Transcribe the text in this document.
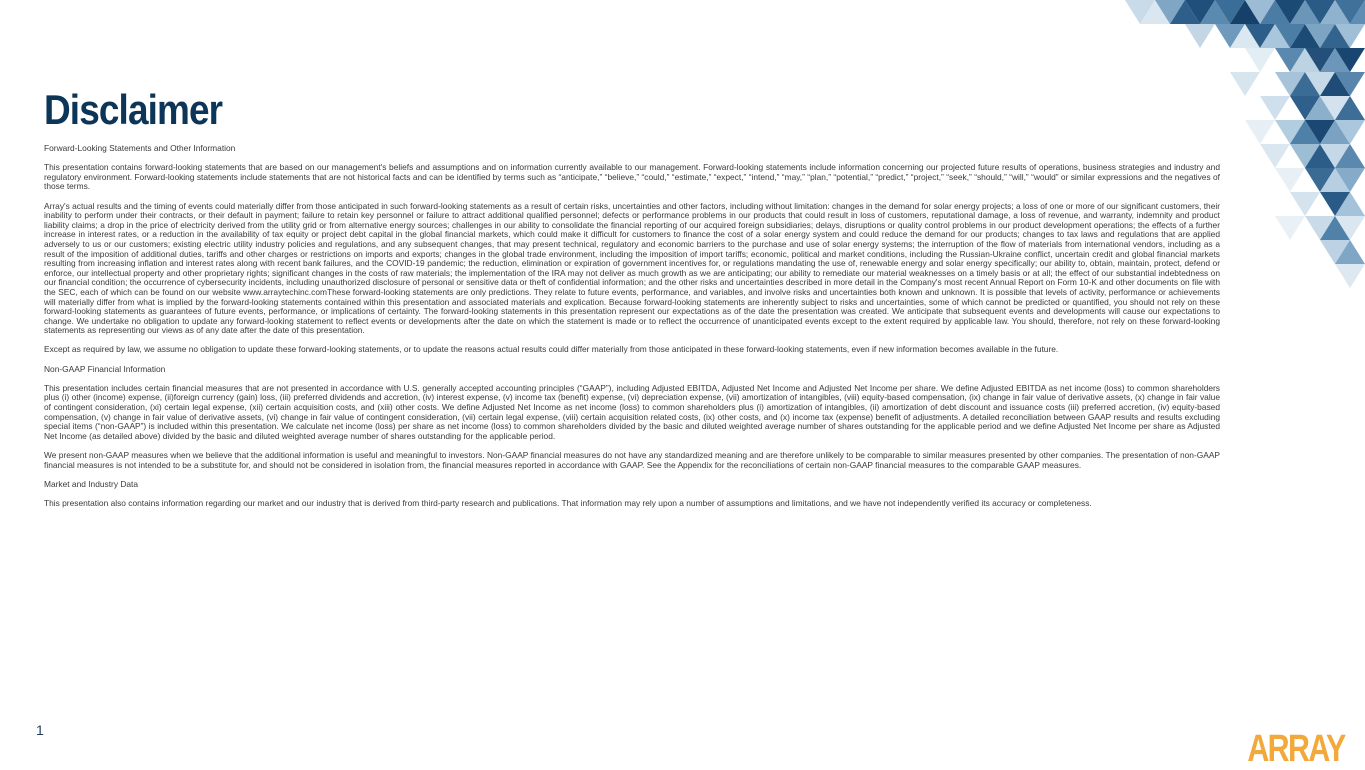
Disclaimer

Forward-Looking Statements and Other Information

This presentation contains forward-looking statements that are based on our management's beliefs and assumptions and on information currently available to our management. Forward-looking statements include information concerning our projected future results of operations, business strategies and industry and regulatory environment. Forward-looking statements include statements that are not historical facts and can be identified by terms such as “anticipate,” “believe,” “could,” “estimate,” “expect,” “intend,” “may,” “plan,” “potential,” “predict,” “project,” “seek,” “should,” “will,” “would” or similar expressions and the negatives of those terms.

Array's actual results and the timing of events could materially differ from those anticipated in such forward-looking statements as a result of certain risks, uncertainties and other factors, including without limitation: changes in the demand for solar energy projects; a loss of one or more of our significant customers, their inability to perform under their contracts, or their default in payment; failure to retain key personnel or failure to attract additional qualified personnel; defects or performance problems in our products that could result in loss of customers, reputational damage, a loss of revenue, and warranty, indemnity and product liability claims; a drop in the price of electricity derived from the utility grid or from alternative energy sources; challenges in our ability to consolidate the financial reporting of our acquired foreign subsidiaries; delays, disruptions or quality control problems in our product development operations; the effects of a further increase in interest rates, or a reduction in the availability of tax equity or project debt capital in the global financial markets, which could make it difficult for customers to finance the cost of a solar energy system and could reduce the demand for our products; changes to tax laws and regulations that are applied adversely to us or our customers; existing electric utility industry policies and regulations, and any subsequent changes, that may present technical, regulatory and economic barriers to the purchase and use of solar energy systems; the interruption of the flow of materials from international vendors, including as a result of the imposition of additional duties, tariffs and other charges or restrictions on imports and exports; changes in the global trade environment, including the imposition of import tariffs; economic, political and market conditions, including the Russian-Ukraine conflict, uncertain credit and global financial markets resulting from increasing inflation and interest rates along with recent bank failures, and the COVID-19 pandemic; the reduction, elimination or expiration of government incentives for, or regulations mandating the use of, renewable energy and solar energy specifically; our ability to, obtain, maintain, protect, defend or enforce, our intellectual property and other proprietary rights; significant changes in the costs of raw materials; the implementation of the IRA may not deliver as much growth as we are anticipating; our ability to remediate our material weaknesses on a timely basis or at all; the effect of our substantial indebtedness on our financial condition; the occurrence of cybersecurity incidents, including unauthorized disclosure of personal or sensitive data or theft of confidential information; and the other risks and uncertainties described in more detail in the Company's most recent Annual Report on Form 10-K and other documents on file with the SEC, each of which can be found on our website www.arraytechinc.comThese forward-looking statements are only predictions. They relate to future events, performance, and variables, and involve risks and uncertainties both known and unknown. It is possible that levels of activity, performance or achievements will materially differ from what is implied by the forward-looking statements contained within this presentation and associated materials and explication. Because forward-looking statements are inherently subject to risks and uncertainties, some of which cannot be predicted or quantified, you should not rely on these forward-looking statements as guarantees of future events, performance, or implications of certainty. The forward-looking statements in this presentation represent our expectations as of the date the presentation was created. We anticipate that subsequent events and developments will cause our expectations to change. We undertake no obligation to update any forward-looking statement to reflect events or developments after the date on which the statement is made or to reflect the occurrence of unanticipated events except to the extent required by applicable law. You should, therefore, not rely on these forward-looking statements as representing our views as of any date after the date of this presentation.

Except as required by law, we assume no obligation to update these forward-looking statements, or to update the reasons actual results could differ materially from those anticipated in these forward-looking statements, even if new information becomes available in the future.

Non-GAAP Financial Information

This presentation includes certain financial measures that are not presented in accordance with U.S. generally accepted accounting principles (“GAAP”), including Adjusted EBITDA, Adjusted Net Income and Adjusted Net Income per share. We define Adjusted EBITDA as net income (loss) to common shareholders plus (i) other (income) expense, (ii)foreign currency (gain) loss, (iii) preferred dividends and accretion, (iv) interest expense, (v) income tax (benefit) expense, (vi) depreciation expense, (vii) amortization of intangibles, (viii) equity-based compensation, (ix) change in fair value of derivative assets, (x) change in fair value of contingent consideration, (xi) certain legal expense, (xii) certain acquisition costs, and (xiii) other costs. We define Adjusted Net Income as net income (loss) to common shareholders plus (i) amortization of intangibles, (ii) amortization of debt discount and issuance costs (iii) preferred accretion, (iv) equity-based compensation, (v) change in fair value of derivative assets, (vi) change in fair value of contingent consideration, (vii) certain legal expense, (viii) certain acquisition related costs, (ix) other costs, and (x) income tax (expense) benefit of adjustments. A detailed reconciliation between GAAP results and results excluding special items (“non-GAAP”) is included within this presentation. We calculate net income (loss) per share as net income (loss) to common shareholders divided by the basic and diluted weighted average number of shares outstanding for the applicable period and we define Adjusted Net Income per share as Adjusted Net Income (as detailed above) divided by the basic and diluted weighted average number of shares outstanding for the applicable period.

We present non-GAAP measures when we believe that the additional information is useful and meaningful to investors. Non-GAAP financial measures do not have any standardized meaning and are therefore unlikely to be comparable to similar measures presented by other companies. The presentation of non-GAAP financial measures is not intended to be a substitute for, and should not be considered in isolation from, the financial measures reported in accordance with GAAP. See the Appendix for the reconciliations of certain non-GAAP financial measures to the comparable GAAP measures.

Market and Industry Data

This presentation also contains information regarding our market and our industry that is derived from third-party research and publications. That information may rely upon a number of assumptions and limitations, and we have not independently verified its accuracy or completeness.

1	ARRAY
